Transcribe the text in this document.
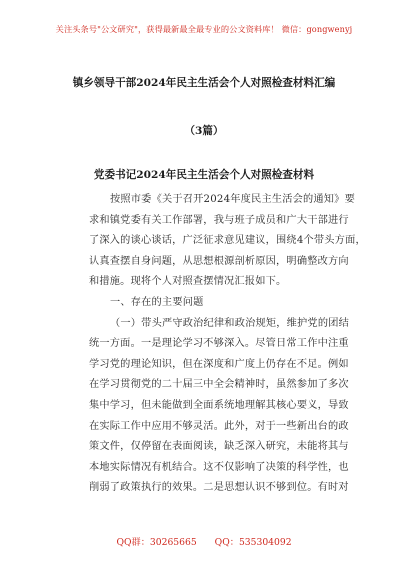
关注头条号"公文研究"，获得最新最全最专业的公文资料库！ 微信：gongwenyj
镇乡领导干部2024年民主生活会个人对照检查材料汇编
（3篇）
党委书记2024年民主生活会个人对照检查材料
按 照 市 委 《 关 于 召 开 2 0 2 4 年 度 民 主 生 活 会 的 通 知 》 要
求 和 镇 党 委 有 关 工 作 部 署 ， 我 与 班 子 成 员 和 广 大 干 部 进 行
了 深 入 的 谈 心 谈 话 ， 广 泛 征 求 意 见 建 议 ， 围 绕 4 个 带 头 方 面 ，
认 真 查 摆 自 身 问 题 ， 从 思 想 根 源 剖 析 原 因 ， 明 确 整 改 方 向
和措施。现将个人对照查摆情况汇报如下。
一、存在的主要问题
（ 一 ） 带 头 严 守 政 治 纪 律 和 政 治 规 矩 ， 维 护 党 的 团 结
统 一 方 面 。 一 是 理 论 学 习 不 够 深 入 。 尽 管 日 常 工 作 中 注 重
学 习 党 的 理 论 知 识 ， 但 在 深 度 和 广 度 上 仍 存 在 不 足 。 例 如
在 学 习 贯 彻 党 的 二 十 届 三 中 全 会 精 神 时 ， 虽 然 参 加 了 多 次
集 中 学 习 ， 但 未 能 做 到 全 面 系 统 地 理 解 其 核 心 要 义 ， 导 致
在 实 际 工 作 中 应 用 不 够 灵 活 。 此 外 ， 对 于 一 些 新 出 台 的 政
策 文 件 ， 仅 停 留 在 表 面 阅 读 ， 缺 乏 深 入 研 究 ， 未 能 将 其 与
本 地 实 际 情 况 有 机 结 合 。 这 不 仅 影 响 了 决 策 的 科 学 性 ， 也
削 弱 了 政 策 执 行 的 效 果 。 二 是 思 想 认 识 不 够 到 位 。 有 时 对
QQ群：30265665 QQ：535304092
